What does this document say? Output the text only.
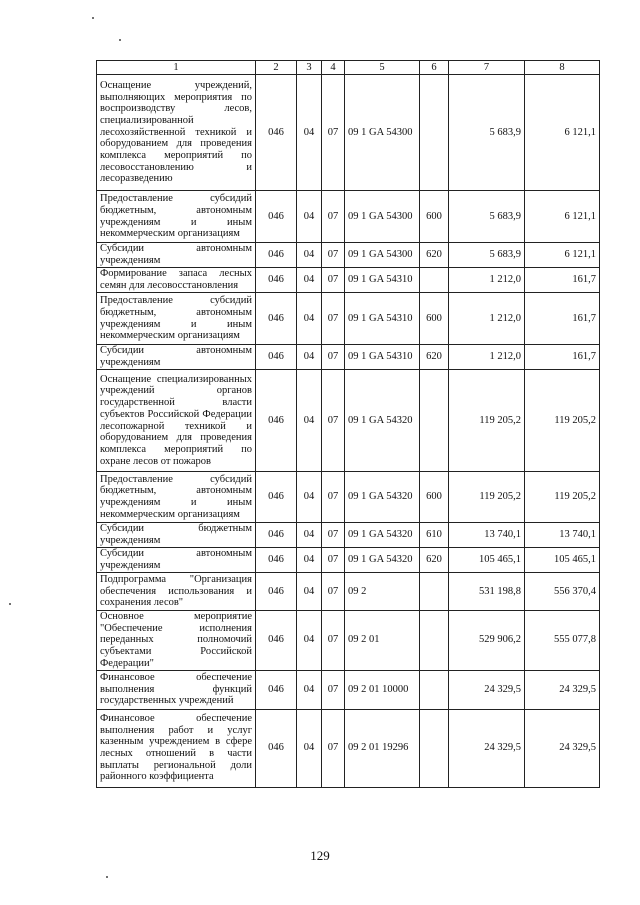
1	2	3	4	5	6	7	8
Оснащение учреждений, выполняющих мероприятия по воспроизводству лесов, специализированной лесохозяйственной техникой и оборудованием для проведения комплекса мероприятий по лесовосстановлению и лесоразведению	046	04	07	09 1 GA 54300		5 683,9	6 121,1
Предоставление субсидий бюджетным, автономным учреждениям и иным некоммерческим организациям	046	04	07	09 1 GA 54300	600	5 683,9	6 121,1
Субсидии автономным учреждениям	046	04	07	09 1 GA 54300	620	5 683,9	6 121,1
Формирование запаса лесных семян для лесовосстановления	046	04	07	09 1 GA 54310		1 212,0	161,7
Предоставление субсидий бюджетным, автономным учреждениям и иным некоммерческим организациям	046	04	07	09 1 GA 54310	600	1 212,0	161,7
Субсидии автономным учреждениям	046	04	07	09 1 GA 54310	620	1 212,0	161,7
Оснащение специализированных учреждений органов государственной власти субъектов Российской Федерации лесопожарной техникой и оборудованием для проведения комплекса мероприятий по охране лесов от пожаров	046	04	07	09 1 GA 54320		119 205,2	119 205,2
Предоставление субсидий бюджетным, автономным учреждениям и иным некоммерческим организациям	046	04	07	09 1 GA 54320	600	119 205,2	119 205,2
Субсидии бюджетным учреждениям	046	04	07	09 1 GA 54320	610	13 740,1	13 740,1
Субсидии автономным учреждениям	046	04	07	09 1 GA 54320	620	105 465,1	105 465,1
Подпрограмма "Организация обеспечения использования и сохранения лесов"	046	04	07	09 2		531 198,8	556 370,4
Основное мероприятие "Обеспечение исполнения переданных полномочий субъектами Российской Федерации"	046	04	07	09 2 01		529 906,2	555 077,8
Финансовое обеспечение выполнения функций государственных учреждений	046	04	07	09 2 01 10000		24 329,5	24 329,5
Финансовое обеспечение выполнения работ и услуг казенным учреждением в сфере лесных отношений в части выплаты региональной доли районного коэффициента	046	04	07	09 2 01 19296		24 329,5	24 329,5
129
